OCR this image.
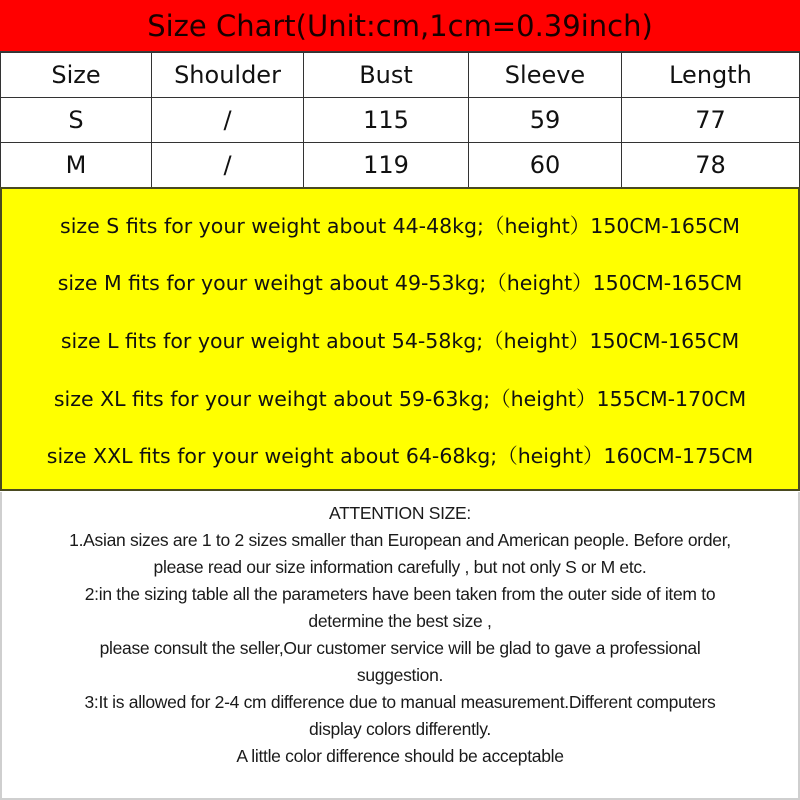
Size Chart(Unit:cm,1cm=0.39inch)
Size	Shoulder	Bust	Sleeve	Length
S	/	115	59	77
M	/	119	60	78
size S fits for your weight about 44-48kg;（height）150CM-165CM
size M fits for your weihgt about 49-53kg;（height）150CM-165CM
size L fits for your weight about 54-58kg;（height）150CM-165CM
size XL fits for your weihgt about 59-63kg;（height）155CM-170CM
size XXL fits for your weight about 64-68kg;（height）160CM-175CM
ATTENTION SIZE:
1.Asian sizes are 1 to 2 sizes smaller than European and American people. Before order,
please read our size information carefully , but not only S or M etc.
2:in the sizing table all the parameters have been taken from the outer side of item to
determine the best size ,
please consult the seller,Our customer service will be glad to gave a professional
suggestion.
3:It is allowed for 2-4 cm difference due to manual measurement.Different computers
display colors differently.
A little color difference should be acceptable
